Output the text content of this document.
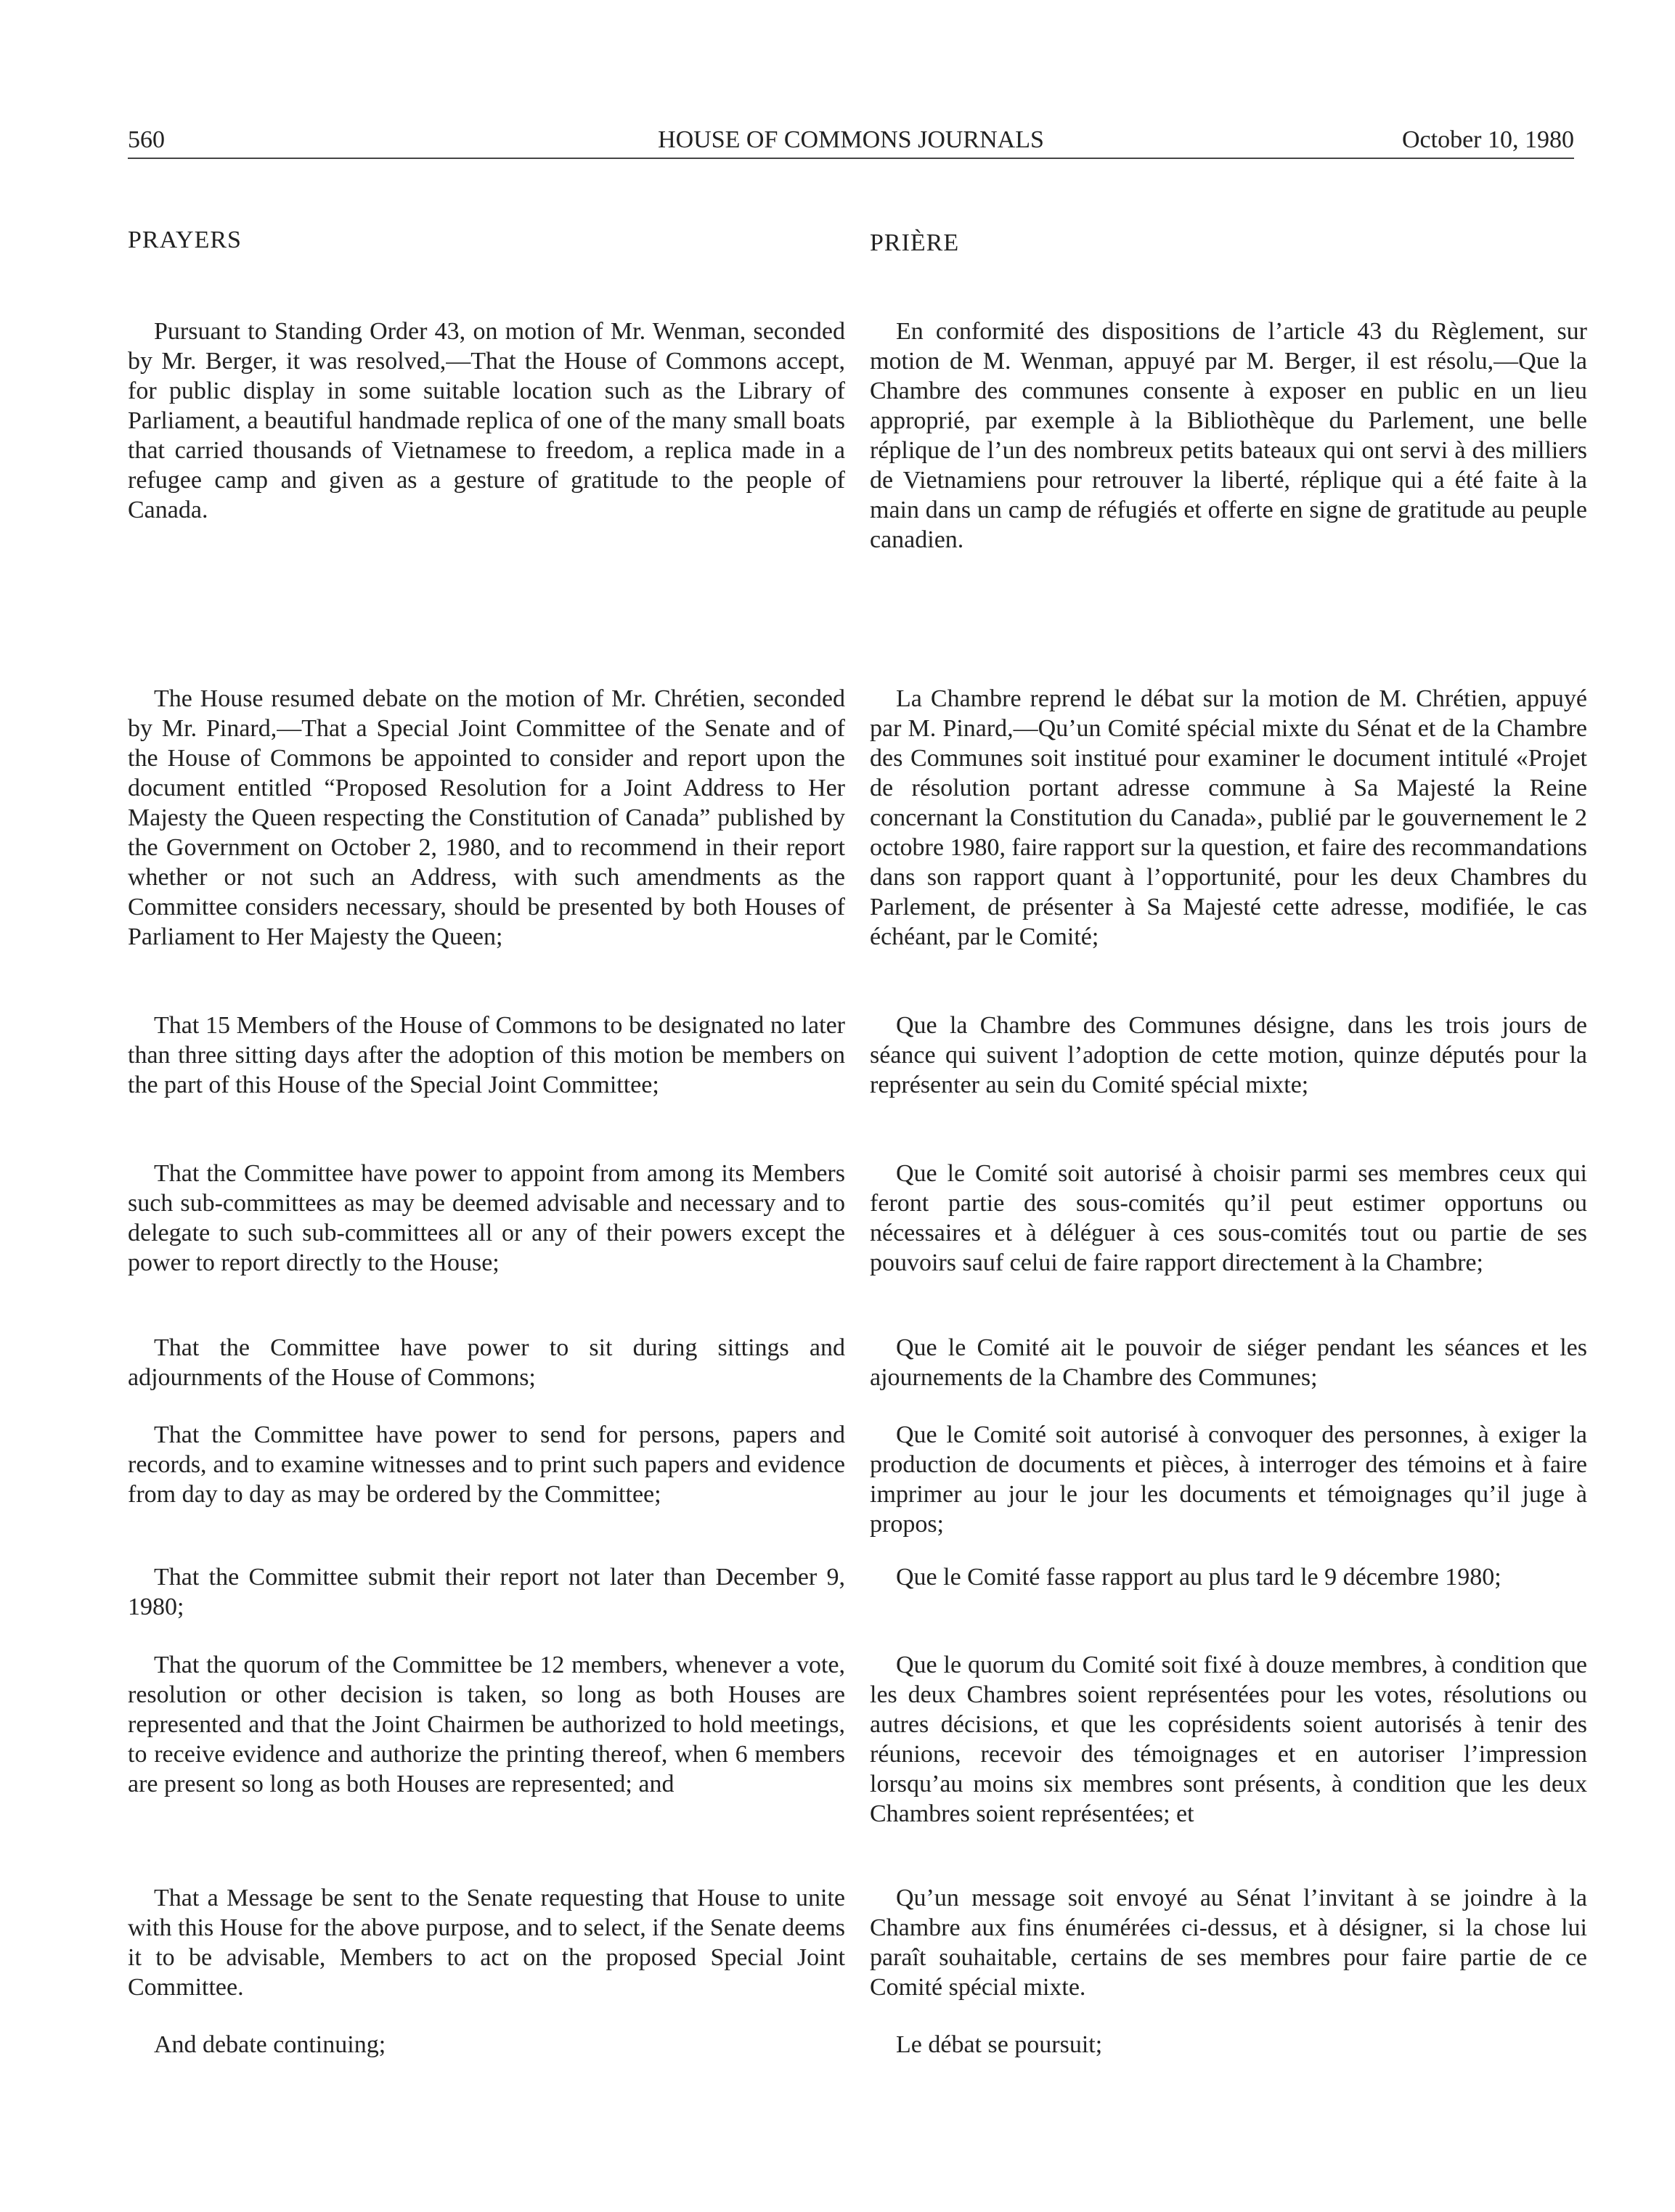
560	HOUSE OF COMMONS JOURNALS	October 10, 1980
PRAYERS

Pursuant to Standing Order 43, on motion of Mr. Wenman, seconded by Mr. Berger, it was resolved,—That the House of Commons accept, for public display in some suitable location such as the Library of Parliament, a beautiful handmade replica of one of the many small boats that carried thousands of Vietnamese to freedom, a replica made in a refugee camp and given as a gesture of gratitude to the people of Canada.

The House resumed debate on the motion of Mr. Chrétien, seconded by Mr. Pinard,—That a Special Joint Committee of the Senate and of the House of Commons be appointed to consider and report upon the document entitled “Proposed Resolution for a Joint Address to Her Majesty the Queen respecting the Constitution of Canada” published by the Government on October 2, 1980, and to recommend in their report whether or not such an Address, with such amendments as the Committee considers necessary, should be presented by both Houses of Parliament to Her Majesty the Queen;

That 15 Members of the House of Commons to be designated no later than three sitting days after the adoption of this motion be members on the part of this House of the Special Joint Committee;

That the Committee have power to appoint from among its Members such sub-committees as may be deemed advisable and necessary and to delegate to such sub-committees all or any of their powers except the power to report directly to the House;

That the Committee have power to sit during sittings and adjournments of the House of Commons;

That the Committee have power to send for persons, papers and records, and to examine witnesses and to print such papers and evidence from day to day as may be ordered by the Committee;

That the Committee submit their report not later than December 9, 1980;

That the quorum of the Committee be 12 members, whenever a vote, resolution or other decision is taken, so long as both Houses are represented and that the Joint Chairmen be authorized to hold meetings, to receive evidence and authorize the printing thereof, when 6 members are present so long as both Houses are represented; and

That a Message be sent to the Senate requesting that House to unite with this House for the above purpose, and to select, if the Senate deems it to be advisable, Members to act on the proposed Special Joint Committee.

And debate continuing;

PRIÈRE

En conformité des dispositions de l’article 43 du Règlement, sur motion de M. Wenman, appuyé par M. Berger, il est résolu,—Que la Chambre des communes consente à exposer en public en un lieu approprié, par exemple à la Bibliothèque du Parlement, une belle réplique de l’un des nombreux petits bateaux qui ont servi à des milliers de Vietnamiens pour retrouver la liberté, réplique qui a été faite à la main dans un camp de réfugiés et offerte en signe de gratitude au peuple canadien.

La Chambre reprend le débat sur la motion de M. Chrétien, appuyé par M. Pinard,—Qu’un Comité spécial mixte du Sénat et de la Chambre des Communes soit institué pour examiner le document intitulé «Projet de résolution portant adresse commune à Sa Majesté la Reine concernant la Constitution du Canada», publié par le gouvernement le 2 octobre 1980, faire rapport sur la question, et faire des recommandations dans son rapport quant à l’opportunité, pour les deux Chambres du Parlement, de présenter à Sa Majesté cette adresse, modifiée, le cas échéant, par le Comité;

Que la Chambre des Communes désigne, dans les trois jours de séance qui suivent l’adoption de cette motion, quinze députés pour la représenter au sein du Comité spécial mixte;

Que le Comité soit autorisé à choisir parmi ses membres ceux qui feront partie des sous-comités qu’il peut estimer opportuns ou nécessaires et à déléguer à ces sous-comités tout ou partie de ses pouvoirs sauf celui de faire rapport directement à la Chambre;

Que le Comité ait le pouvoir de siéger pendant les séances et les ajournements de la Chambre des Communes;

Que le Comité soit autorisé à convoquer des personnes, à exiger la production de documents et pièces, à interroger des témoins et à faire imprimer au jour le jour les documents et témoignages qu’il juge à propos;

Que le Comité fasse rapport au plus tard le 9 décembre 1980;

Que le quorum du Comité soit fixé à douze membres, à condition que les deux Chambres soient représentées pour les votes, résolutions ou autres décisions, et que les coprésidents soient autorisés à tenir des réunions, recevoir des témoignages et en autoriser l’impression lorsqu’au moins six membres sont présents, à condition que les deux Chambres soient représentées; et

Qu’un message soit envoyé au Sénat l’invitant à se joindre à la Chambre aux fins énumérées ci-dessus, et à désigner, si la chose lui paraît souhaitable, certains de ses membres pour faire partie de ce Comité spécial mixte.

Le débat se poursuit;
